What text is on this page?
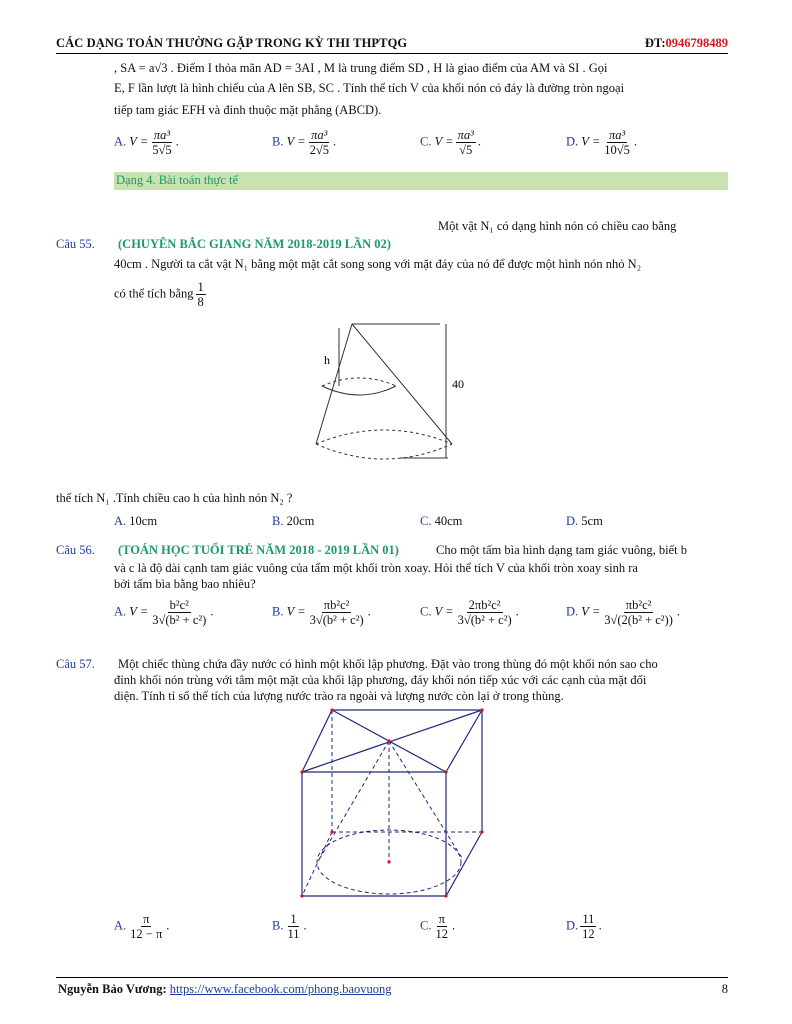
CÁC DẠNG TOÁN THƯỜNG GẶP TRONG KỲ THI THPTQG	ĐT:0946798489
, SA = a√3 . Điểm I thỏa mãn AD = 3AI , M là trung điểm SD , H là giao điểm của AM và SI . Gọi
E, F lần lượt là hình chiếu của A lên SB, SC . Tính thể tích V của khối nón có đáy là đường tròn ngoại
tiếp tam giác EFH và đỉnh thuộc mặt phẳng (ABCD).
A. $V = \frac{\text{πa³}}{5√5}$ .	B. $V = \frac{\text{πa³}}{2√5}$ .	C. $V = \frac{\text{πa³}}{√5}$ .	D. $V = \frac{\text{πa³}}{10√5}$ .
Dạng 4. Bài toán thực tế
Một vật N₁ có dạng hình nón có chiều cao bằng
Câu 55. (CHUYÊN BẮC GIANG NĂM 2018-2019 LẦN 02)
40cm . Người ta cắt vật N₁ bằng một mặt cắt song song với mặt đáy của nó để được một hình nón nhỏ N₂
có thể tích bằng $\frac{1}{8}$
h
40
thể tích N₁ .Tính chiều cao h của hình nón N₂ ?
A. 10cm	B. 20cm	C. 40cm	D. 5cm
Câu 56. (TOÁN HỌC TUỔI TRẺ NĂM 2018 - 2019 LẦN 01)	Cho một tấm bìa hình dạng tam giác vuông, biết b
và c là độ dài cạnh tam giác vuông của tấm một khối tròn xoay. Hỏi thể tích V của khối tròn xoay sinh ra
bởi tấm bìa bằng bao nhiêu?
A. $V = \frac{\text{b²c²}}{\text{3√(b² + c²)}}$ .	B. $V = \frac{\text{πb²c²}}{\text{3√(b² + c²)}}$ .	C. $V = \frac{\text{2πb²c²}}{\text{3√(b² + c²)}}$ .	D. $V = \frac{\text{πb²c²}}{\text{3√(2(b² + c²))}}$ .
Câu 57. Một chiếc thùng chứa đầy nước có hình một khối lập phương. Đặt vào trong thùng đó một khối nón sao cho
đỉnh khối nón trùng với tâm một mặt của khối lập phương, đáy khối nón tiếp xúc với các cạnh của mặt đối
diện. Tính tỉ số thể tích của lượng nước trào ra ngoài và lượng nước còn lại ở trong thùng.
A. $\frac{\pi}{12 - \pi}$ .	B. $\frac{1}{11}$ .	C. $\frac{\pi}{12}$ .	D. $\frac{11}{12}$ .
Nguyễn Bảo Vương: https://www.facebook.com/phong.baovuong	8
